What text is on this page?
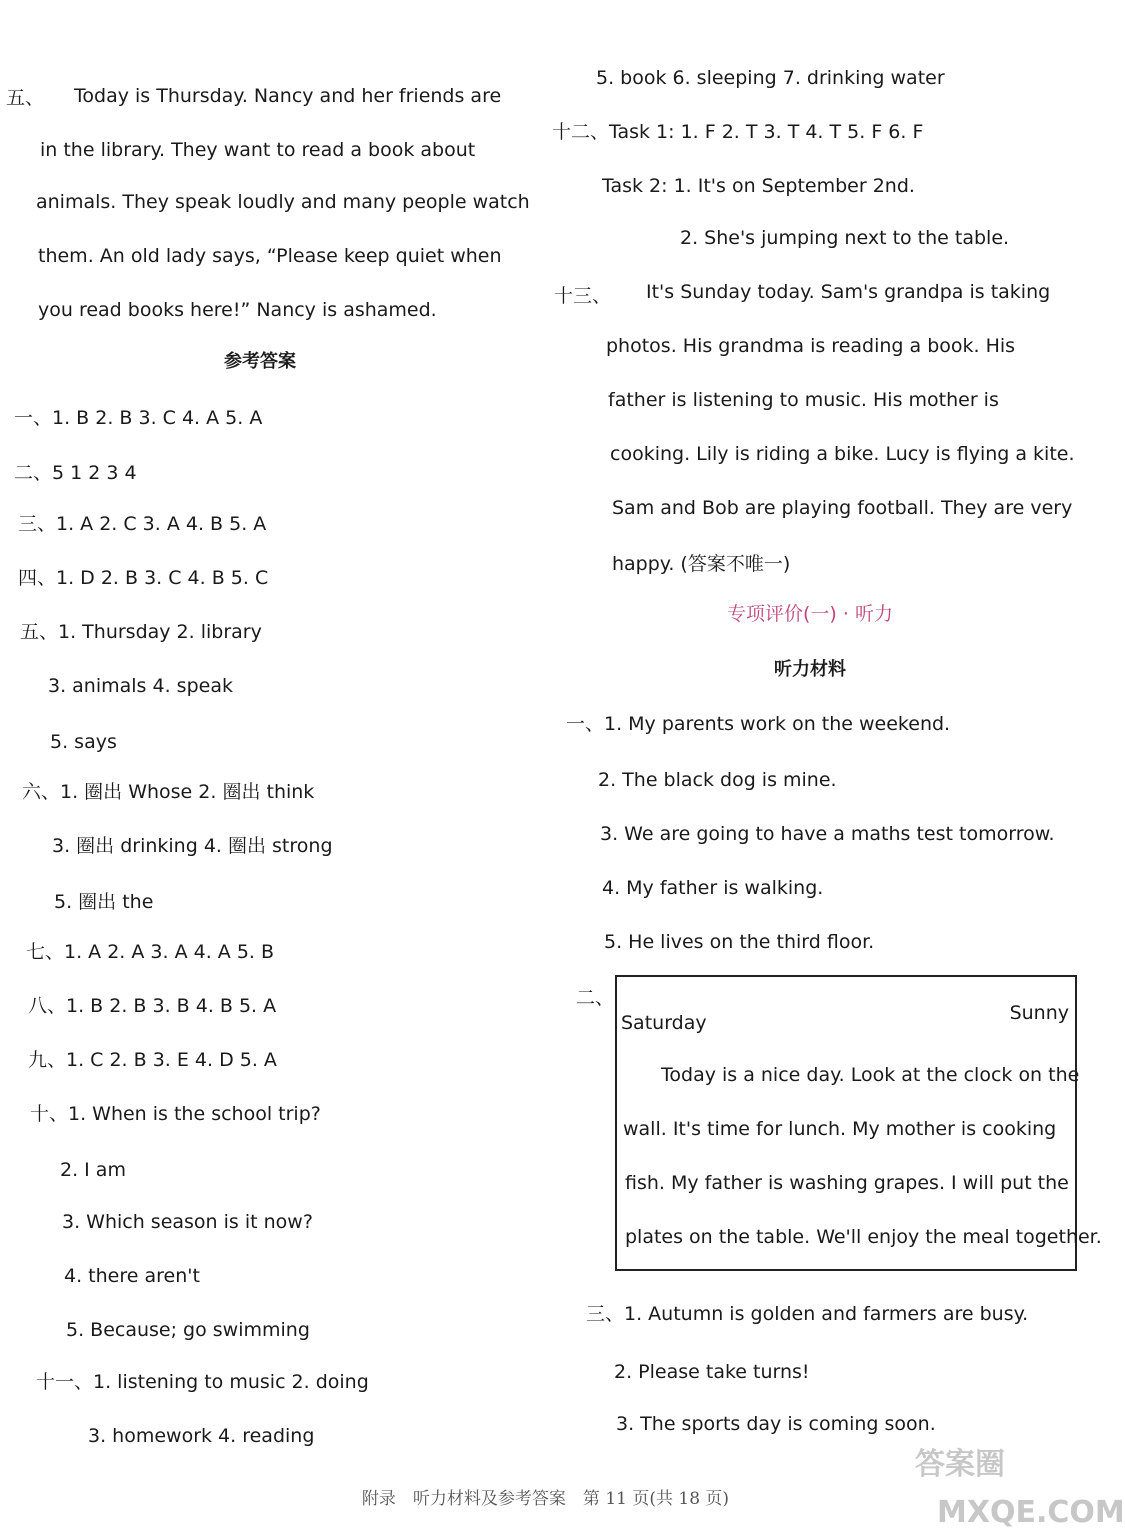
五、 Today is Thursday. Nancy and her friends are
in the library. They want to read a book about
animals. They speak loudly and many people watch
them. An old lady says, “Please keep quiet when
you read books here!” Nancy is ashamed.
参考答案
一、1. B 2. B 3. C 4. A 5. A
二、5 1 2 3 4
三、1. A 2. C 3. A 4. B 5. A
四、1. D 2. B 3. C 4. B 5. C
五、1. Thursday 2. library
3. animals 4. speak
5. says
六、1. 圈出 Whose 2. 圈出 think
3. 圈出 drinking 4. 圈出 strong
5. 圈出 the
七、1. A 2. A 3. A 4. A 5. B
八、1. B 2. B 3. B 4. B 5. A
九、1. C 2. B 3. E 4. D 5. A
十、1. When is the school trip?
2. I am
3. Which season is it now?
4. there aren't
5. Because; go swimming
十一、1. listening to music 2. doing
3. homework 4. reading
5. book 6. sleeping 7. drinking water
十二、Task 1: 1. F 2. T 3. T 4. T 5. F 6. F
Task 2: 1. It's on September 2nd.
2. She's jumping next to the table.
十三、 It's Sunday today. Sam's grandpa is taking
photos. His grandma is reading a book. His
father is listening to music. His mother is
cooking. Lily is riding a bike. Lucy is flying a kite.
Sam and Bob are playing football. They are very
happy. (答案不唯一)
专项评价(一) · 听力
听力材料
一、1. My parents work on the weekend.
2. The black dog is mine.
3. We are going to have a maths test tomorrow.
4. My father is walking.
5. He lives on the third floor.
二、
三、1. Autumn is golden and farmers are busy.
2. Please take turns!
3. The sports day is coming soon.
Saturday	Sunny
Today is a nice day. Look at the clock on the
wall. It's time for lunch. My mother is cooking
fish. My father is washing grapes. I will put the
plates on the table. We'll enjoy the meal together.
附录　听力材料及参考答案　第 11 页(共 18 页)
答案圈
MXQE.COM
